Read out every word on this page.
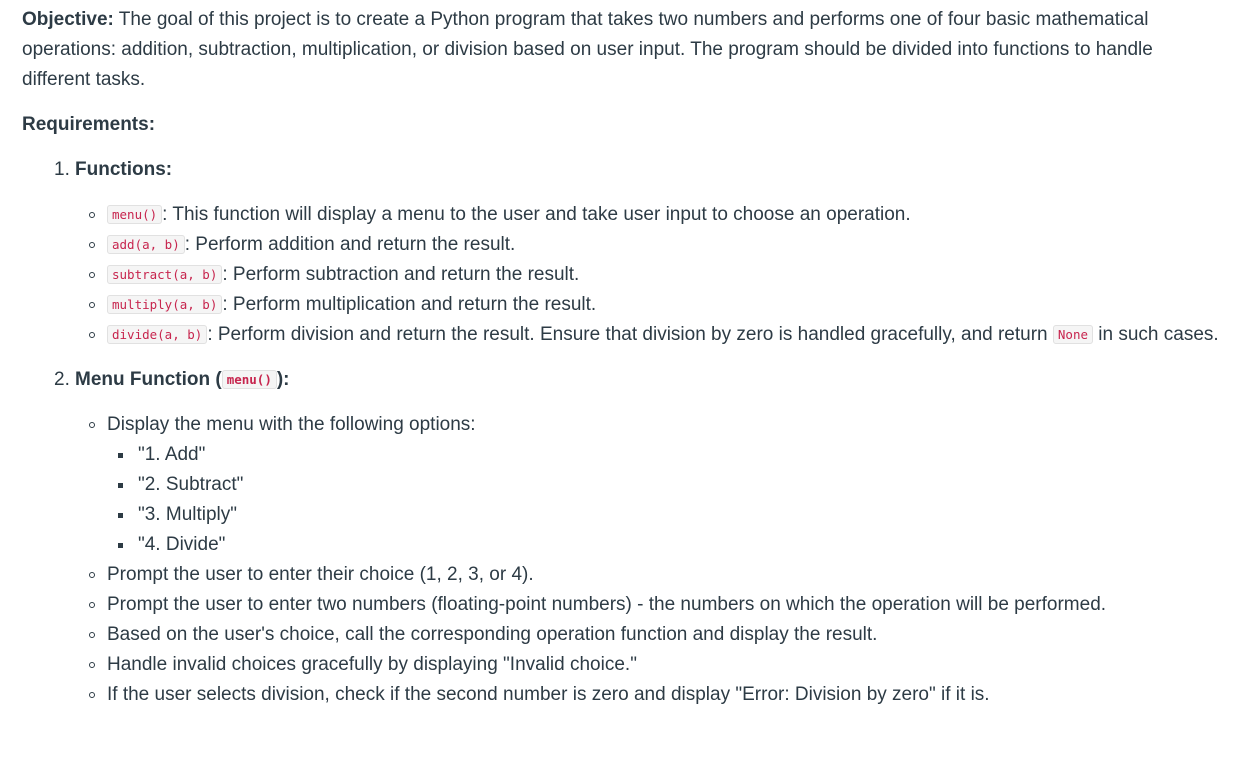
Objective: The goal of this project is to create a Python program that takes two numbers and performs one of four basic mathematical operations: addition, subtraction, multiplication, or division based on user input. The program should be divided into functions to handle different tasks.

Requirements:

1. Functions:

menu() : This function will display a menu to the user and take user input to choose an operation.
add(a, b) : Perform addition and return the result.
subtract(a, b) : Perform subtraction and return the result.
multiply(a, b) : Perform multiplication and return the result.
divide(a, b) : Perform division and return the result. Ensure that division by zero is handled gracefully, and return None in such cases.

2. Menu Function ( menu() ):

Display the menu with the following options:
"1. Add"
"2. Subtract"
"3. Multiply"
"4. Divide"
Prompt the user to enter their choice (1, 2, 3, or 4).
Prompt the user to enter two numbers (floating-point numbers) - the numbers on which the operation will be performed.
Based on the user's choice, call the corresponding operation function and display the result.
Handle invalid choices gracefully by displaying "Invalid choice."
If the user selects division, check if the second number is zero and display "Error: Division by zero" if it is.
